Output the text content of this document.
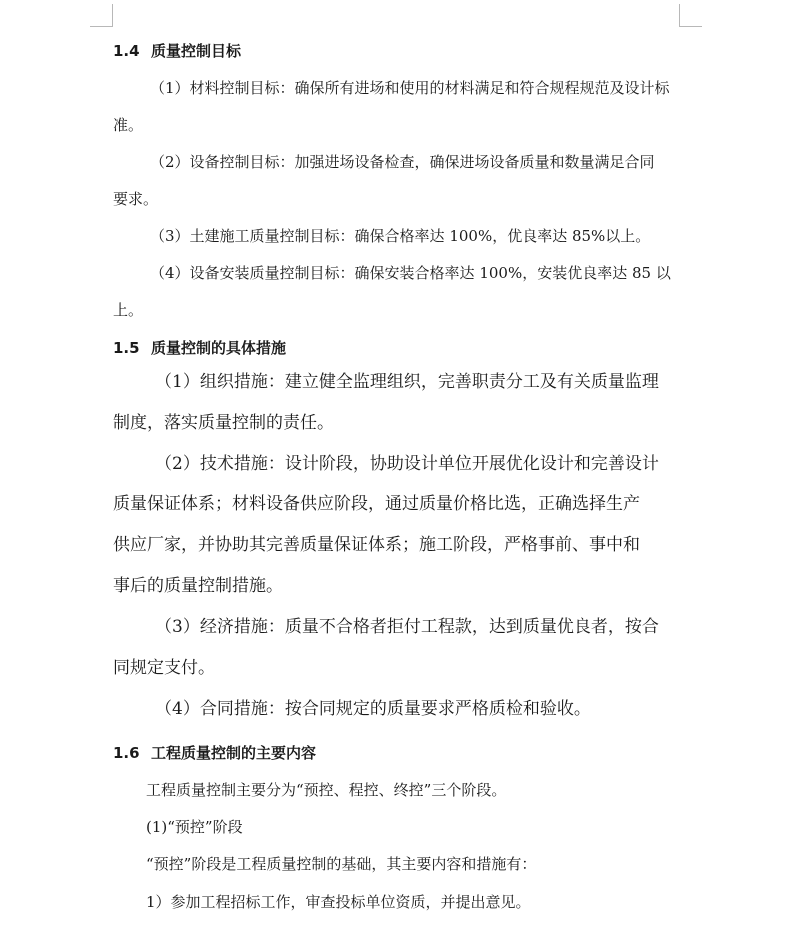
1.4 质量控制目标
（1）材料控制目标：确保所有进场和使用的材料满足和符合规程规范及设计标
准。
（2）设备控制目标：加强进场设备检查，确保进场设备质量和数量满足合同
要求。
（3）土建施工质量控制目标：确保合格率达 100%，优良率达 85%以上。
（4）设备安装质量控制目标：确保安装合格率达 100%，安装优良率达 85 以
上。
1.5 质量控制的具体措施
（1）组织措施：建立健全监理组织，完善职责分工及有关质量监理
制度，落实质量控制的责任。
（2）技术措施：设计阶段，协助设计单位开展优化设计和完善设计
质量保证体系；材料设备供应阶段，通过质量价格比选，正确选择生产
供应厂家，并协助其完善质量保证体系；施工阶段，严格事前、事中和
事后的质量控制措施。
（3）经济措施：质量不合格者拒付工程款，达到质量优良者，按合
同规定支付。
（4）合同措施：按合同规定的质量要求严格质检和验收。
1.6 工程质量控制的主要内容
工程质量控制主要分为“预控、程控、终控”三个阶段。
(1)“预控”阶段
“预控”阶段是工程质量控制的基础，其主要内容和措施有：
1）参加工程招标工作，审查投标单位资质，并提出意见。
